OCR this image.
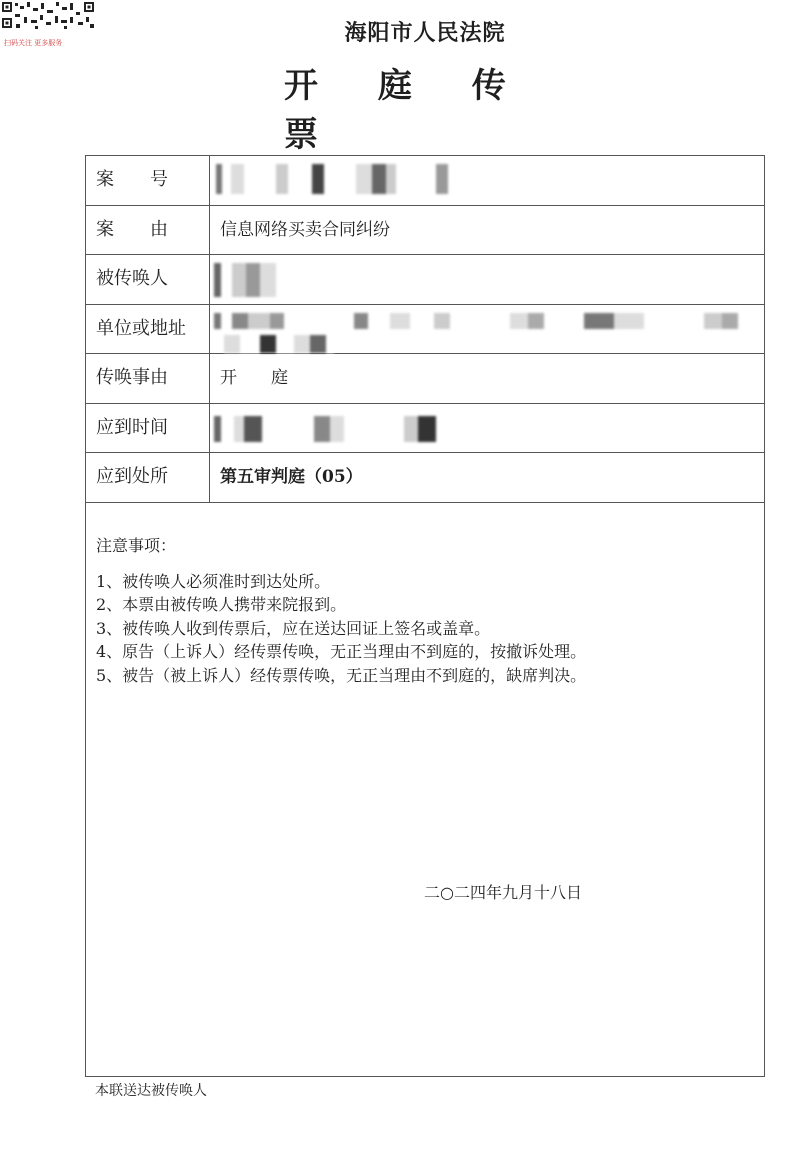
扫码关注 更多服务	海阳市人民法院
开 庭 传 票
案　　号

案　　由	信息网络买卖合同纠纷
被传唤人

单位或地址

传唤事由	开　　庭
应到时间

应到处所	第五审判庭（05）
注意事项：
1、被传唤人必须准时到达处所。
2、本票由被传唤人携带来院报到。
3、被传唤人收到传票后，应在送达回证上签名或盖章。
4、原告（上诉人）经传票传唤，无正当理由不到庭的，按撤诉处理。
5、被告（被上诉人）经传票传唤，无正当理由不到庭的，缺席判决。
二○二四年九月十八日
本联送达被传唤人
